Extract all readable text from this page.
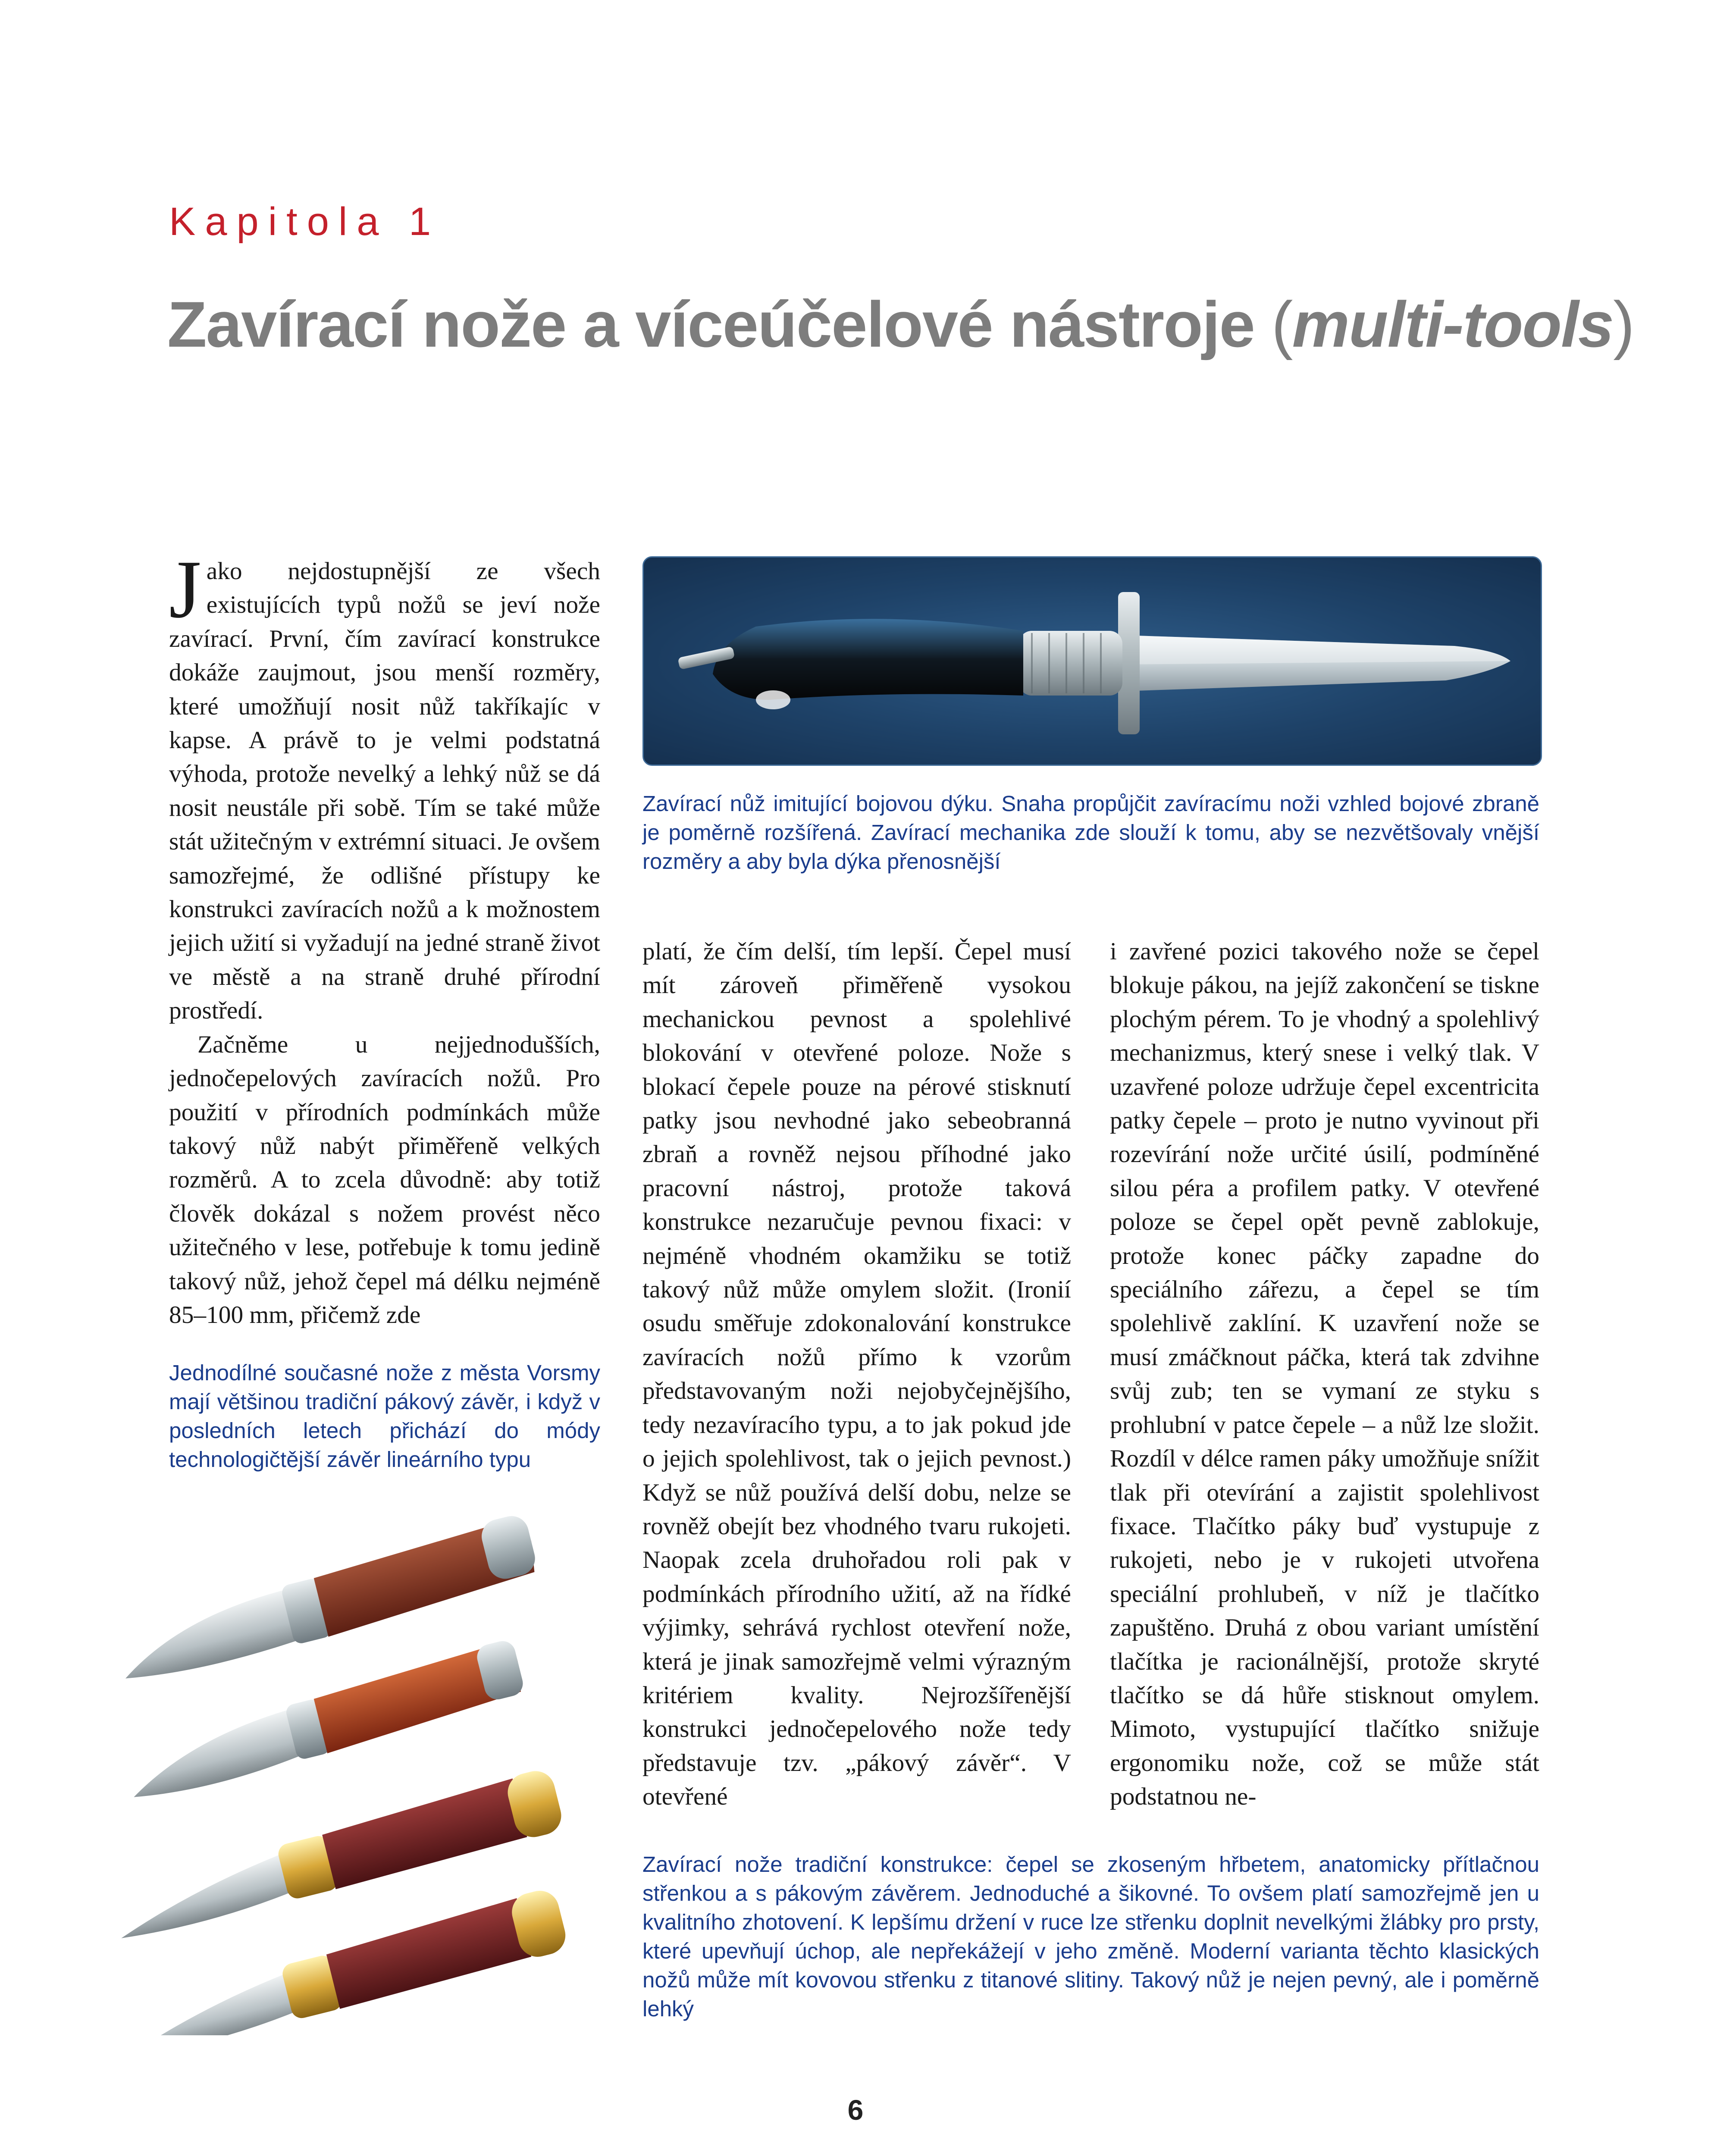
Kapitola 1
Zavírací nože a víceúčelové nástroje (multi-tools)

Jako nejdostupnější ze všech existujících typů nožů se jeví nože zavírací. První, čím zavírací konstrukce dokáže zaujmout, jsou menší rozměry, které umožňují nosit nůž takříkajíc v kapse. A právě to je velmi podstatná výhoda, protože nevelký a lehký nůž se dá nosit neustále při sobě. Tím se také může stát užitečným v extrémní situaci. Je ovšem samozřejmé, že odlišné přístupy ke konstrukci zavíracích nožů a k možnostem jejich užití si vyžadují na jedné straně život ve městě a na straně druhé přírodní prostředí.

Začněme u nejjednodušších, jednočepelových zavíracích nožů. Pro použití v přírodních podmínkách může takový nůž nabýt přiměřeně velkých rozměrů. A to zcela důvodně: aby totiž člověk dokázal s nožem provést něco užitečného v lese, potřebuje k tomu jedině takový nůž, jehož čepel má délku nejméně 85–100 mm, přičemž zde

Jednodílné současné nože z města Vorsmy mají většinou tradiční pákový závěr, i když v posledních letech přichází do módy technologičtější závěr lineárního typu
Zavírací nůž imitující bojovou dýku. Snaha propůjčit zavíracímu noži vzhled bojové zbraně je poměrně rozšířená. Zavírací mechanika zde slouží k tomu, aby se nezvětšovaly vnější rozměry a aby byla dýka přenosnější
platí, že čím delší, tím lepší. Čepel musí mít zároveň přiměřeně vysokou mechanickou pevnost a spolehlivé blokování v otevřené poloze. Nože s blokací čepele pouze na pérové stisknutí patky jsou nevhodné jako sebeobranná zbraň a rovněž nejsou příhodné jako pracovní nástroj, protože taková konstrukce nezaručuje pevnou fixaci: v nejméně vhodném okamžiku se totiž takový nůž může omylem složit. (Ironií osudu směřuje zdokonalování konstrukce zavíracích nožů přímo k vzorům představovaným noži nejobyčejnějšího, tedy nezavíracího typu, a to jak pokud jde o jejich spolehlivost, tak o jejich pevnost.) Když se nůž používá delší dobu, nelze se rovněž obejít bez vhodného tvaru rukojeti. Naopak zcela druhořadou roli pak v podmínkách přírodního užití, až na řídké výjimky, sehrává rychlost otevření nože, která je jinak samozřejmě velmi výrazným kritériem kvality. Nejrozšířenější konstrukci jednočepelového nože tedy představuje tzv. „pákový závěr“. V otevřené
i zavřené pozici takového nože se čepel blokuje pákou, na jejíž zakončení se tiskne plochým pérem. To je vhodný a spolehlivý mechanizmus, který snese i velký tlak. V uzavřené poloze udržuje čepel excentricita patky čepele – proto je nutno vyvinout při rozevírání nože určité úsilí, podmíněné silou péra a profilem patky. V otevřené poloze se čepel opět pevně zablokuje, protože konec páčky zapadne do speciálního zářezu, a čepel se tím spolehlivě zaklíní. K uzavření nože se musí zmáčknout páčka, která tak zdvihne svůj zub; ten se vymaní ze styku s prohlubní v patce čepele – a nůž lze složit. Rozdíl v délce ramen páky umožňuje snížit tlak při otevírání a zajistit spolehlivost fixace. Tlačítko páky buď vystupuje z rukojeti, nebo je v rukojeti utvořena speciální prohlubeň, v níž je tlačítko zapuštěno. Druhá z obou variant umístění tlačítka je racionálnější, protože skryté tlačítko se dá hůře stisknout omylem. Mimoto, vystupující tlačítko snižuje ergonomiku nože, což se může stát podstatnou ne-
Zavírací nože tradiční konstrukce: čepel se zkoseným hřbetem, anatomicky přítlačnou střenkou a s pákovým závěrem. Jednoduché a šikovné. To ovšem platí samozřejmě jen u kvalitního zhotovení. K lepšímu držení v ruce lze střenku doplnit nevelkými žlábky pro prsty, které upevňují úchop, ale nepřekážejí v jeho změně. Moderní varianta těchto klasických nožů může mít kovovou střenku z titanové slitiny. Takový nůž je nejen pevný, ale i poměrně lehký
6
